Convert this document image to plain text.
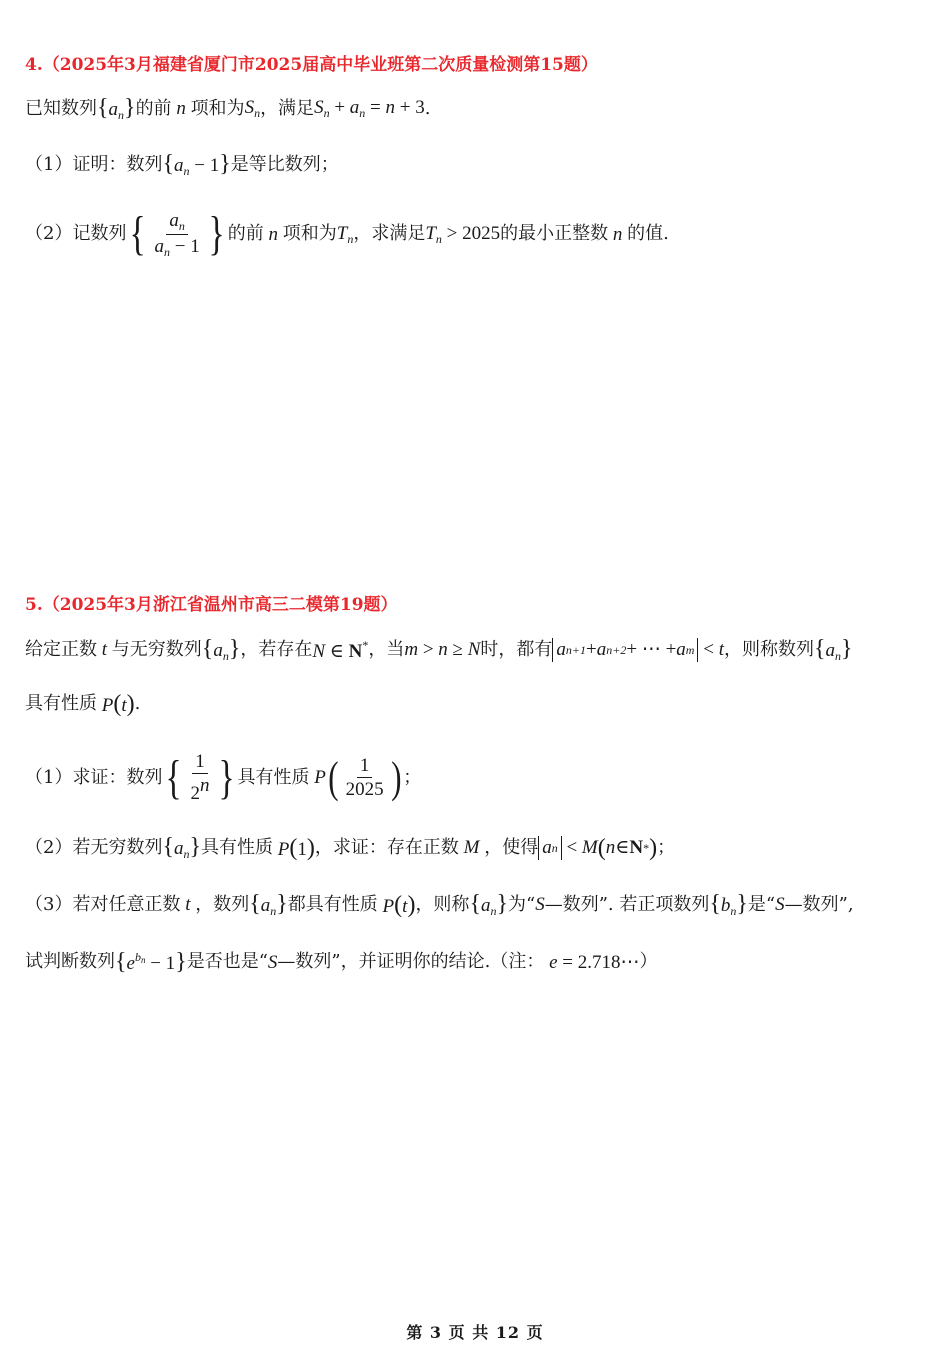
4.（2025年3月福建省厦门市2025届高中毕业班第二次质量检测第15题）
已知数列 $\{a_n\}$ 的前 n 项和为 $S_n$ ，满足 $S_n + a_n = n + 3$ .
（1）证明：数列 $\{a_n - 1\}$ 是等比数列；
（2）记数列 { $\frac{a_n}{a_n - 1}$ } 的前 n 项和为 $T_n$ ，求满足 $T_n > 2025$ 的最小正整数 n 的值.
5.（2025年3月浙江省温州市高三二模第19题）
给定正数 t 与无穷数列 $\{a_n\}$ ，若存在 N ∈ N* ，当 m > n ≥ N 时，都有 a n+1 + a n+2 + ⋯ + a m < t ，则称数列 $\{a_n\}$
具有性质 P(t) .
（1）求证：数列 { $\frac{1}{2^n}$ } 具有性质 P ( $\frac{1}{2025}$ ) ；
（2）若无穷数列 $\{a_n\}$ 具有性质 P(1) ，求证：存在正数 M ，使得 a n < M ( n ∈ N * ) ；
（3）若对任意正数 t ，数列 $\{a_n\}$ 都具有性质 P(t) ，则称 $\{a_n\}$ 为“ S —数列”. 若正项数列 $\{b_n\}$ 是“ S —数列”,
试判断数列 $\{e^{b_n} - 1\}$ 是否也是“ S —数列”，并证明你的结论.（注： e = 2.718⋯ ）
第 3 页 共 12 页
